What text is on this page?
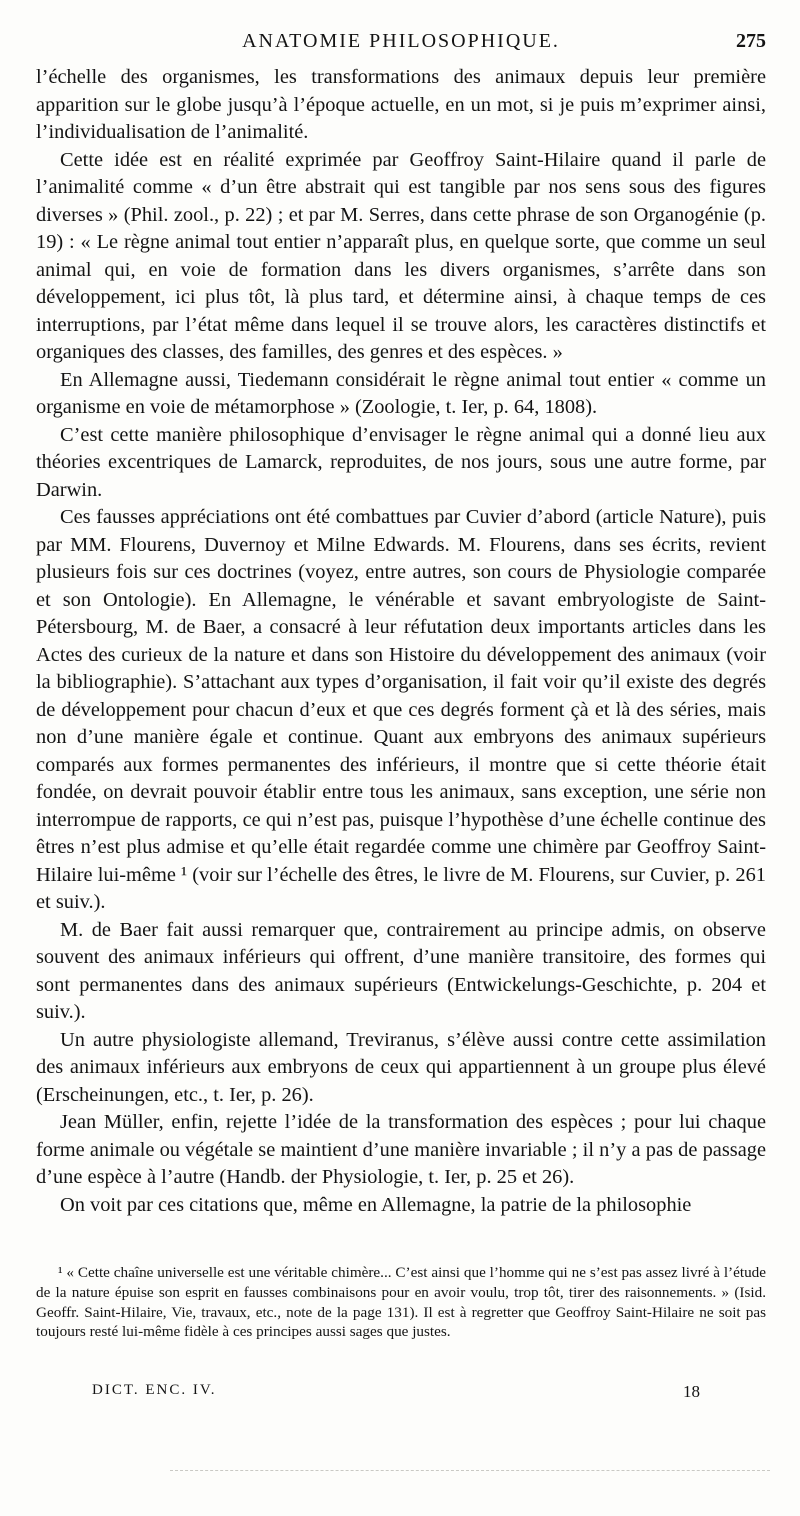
ANATOMIE PHILOSOPHIQUE.	275

l’échelle des organismes, les transformations des animaux depuis leur première apparition sur le globe jusqu’à l’époque actuelle, en un mot, si je puis m’exprimer ainsi, l’individualisation de l’animalité.

Cette idée est en réalité exprimée par Geoffroy Saint-Hilaire quand il parle de l’animalité comme « d’un être abstrait qui est tangible par nos sens sous des figures diverses » (Phil. zool., p. 22) ; et par M. Serres, dans cette phrase de son Organogénie (p. 19) : « Le règne animal tout entier n’apparaît plus, en quelque sorte, que comme un seul animal qui, en voie de formation dans les divers organismes, s’arrête dans son développement, ici plus tôt, là plus tard, et détermine ainsi, à chaque temps de ces interruptions, par l’état même dans lequel il se trouve alors, les caractères distinctifs et organiques des classes, des familles, des genres et des espèces. »

En Allemagne aussi, Tiedemann considérait le règne animal tout entier « comme un organisme en voie de métamorphose » (Zoologie, t. Ier, p. 64, 1808).

C’est cette manière philosophique d’envisager le règne animal qui a donné lieu aux théories excentriques de Lamarck, reproduites, de nos jours, sous une autre forme, par Darwin.

Ces fausses appréciations ont été combattues par Cuvier d’abord (article Nature), puis par MM. Flourens, Duvernoy et Milne Edwards. M. Flourens, dans ses écrits, revient plusieurs fois sur ces doctrines (voyez, entre autres, son cours de Physiologie comparée et son Ontologie). En Allemagne, le vénérable et savant embryologiste de Saint-Pétersbourg, M. de Baer, a consacré à leur réfutation deux importants articles dans les Actes des curieux de la nature et dans son Histoire du développement des animaux (voir la bibliographie). S’attachant aux types d’organisation, il fait voir qu’il existe des degrés de développement pour chacun d’eux et que ces degrés forment çà et là des séries, mais non d’une manière égale et continue. Quant aux embryons des animaux supérieurs comparés aux formes permanentes des inférieurs, il montre que si cette théorie était fondée, on devrait pouvoir établir entre tous les animaux, sans exception, une série non interrompue de rapports, ce qui n’est pas, puisque l’hypothèse d’une échelle continue des êtres n’est plus admise et qu’elle était regardée comme une chimère par Geoffroy Saint-Hilaire lui-même ¹ (voir sur l’échelle des êtres, le livre de M. Flourens, sur Cuvier, p. 261 et suiv.).

M. de Baer fait aussi remarquer que, contrairement au principe admis, on observe souvent des animaux inférieurs qui offrent, d’une manière transitoire, des formes qui sont permanentes dans des animaux supérieurs (Entwickelungs-Geschichte, p. 204 et suiv.).

Un autre physiologiste allemand, Treviranus, s’élève aussi contre cette assimilation des animaux inférieurs aux embryons de ceux qui appartiennent à un groupe plus élevé (Erscheinungen, etc., t. Ier, p. 26).

Jean Müller, enfin, rejette l’idée de la transformation des espèces ; pour lui chaque forme animale ou végétale se maintient d’une manière invariable ; il n’y a pas de passage d’une espèce à l’autre (Handb. der Physiologie, t. Ier, p. 25 et 26).

On voit par ces citations que, même en Allemagne, la patrie de la philosophie

¹ « Cette chaîne universelle est une véritable chimère... C’est ainsi que l’homme qui ne s’est pas assez livré à l’étude de la nature épuise son esprit en fausses combinaisons pour en avoir voulu, trop tôt, tirer des raisonnements. » (Isid. Geoffr. Saint-Hilaire, Vie, travaux, etc., note de la page 131). Il est à regretter que Geoffroy Saint-Hilaire ne soit pas toujours resté lui-même fidèle à ces principes aussi sages que justes.

DICT. ENC. IV.	18
